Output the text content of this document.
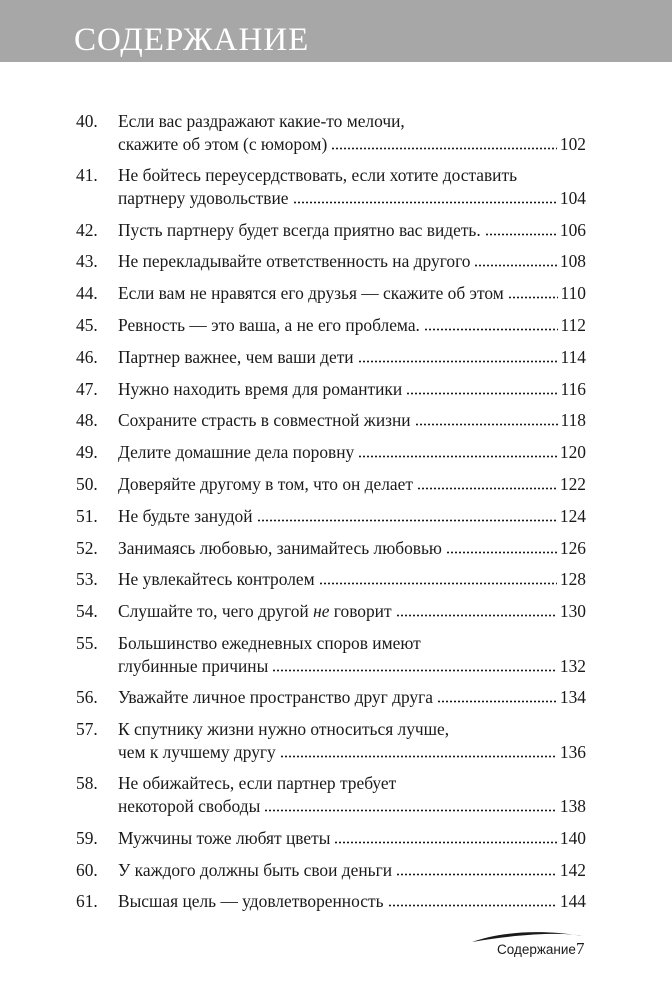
СОДЕРЖАНИЕ
40.	Если вас раздражают какие-то мелочи,
скажите об этом (с юмором)	102
41.	Не бойтесь переусердствовать, если хотите доставить
партнеру удовольствие	104
42.	Пусть партнеру будет всегда приятно вас видеть.	106
43.	Не перекладывайте ответственность на другого	108
44.	Если вам не нравятся его друзья — скажите об этом	110
45.	Ревность — это ваша, а не его проблема.	112
46.	Партнер важнее, чем ваши дети	114
47.	Нужно находить время для романтики	116
48.	Сохраните страсть в совместной жизни	118
49.	Делите домашние дела поровну	120
50.	Доверяйте другому в том, что он делает	122
51.	Не будьте занудой	124
52.	Занимаясь любовью, занимайтесь любовью	126
53.	Не увлекайтесь контролем	128
54.	Слушайте то, чего другой не говорит	130
55.	Большинство ежедневных споров имеют
глубинные причины	132
56.	Уважайте личное пространство друг друга	134
57.	К спутнику жизни нужно относиться лучше,
чем к лучшему другу	136
58.	Не обижайтесь, если партнер требует
некоторой свободы	138
59.	Мужчины тоже любят цветы	140
60.	У каждого должны быть свои деньги	142
61.	Высшая цель — удовлетворенность	144
Содержание 7
